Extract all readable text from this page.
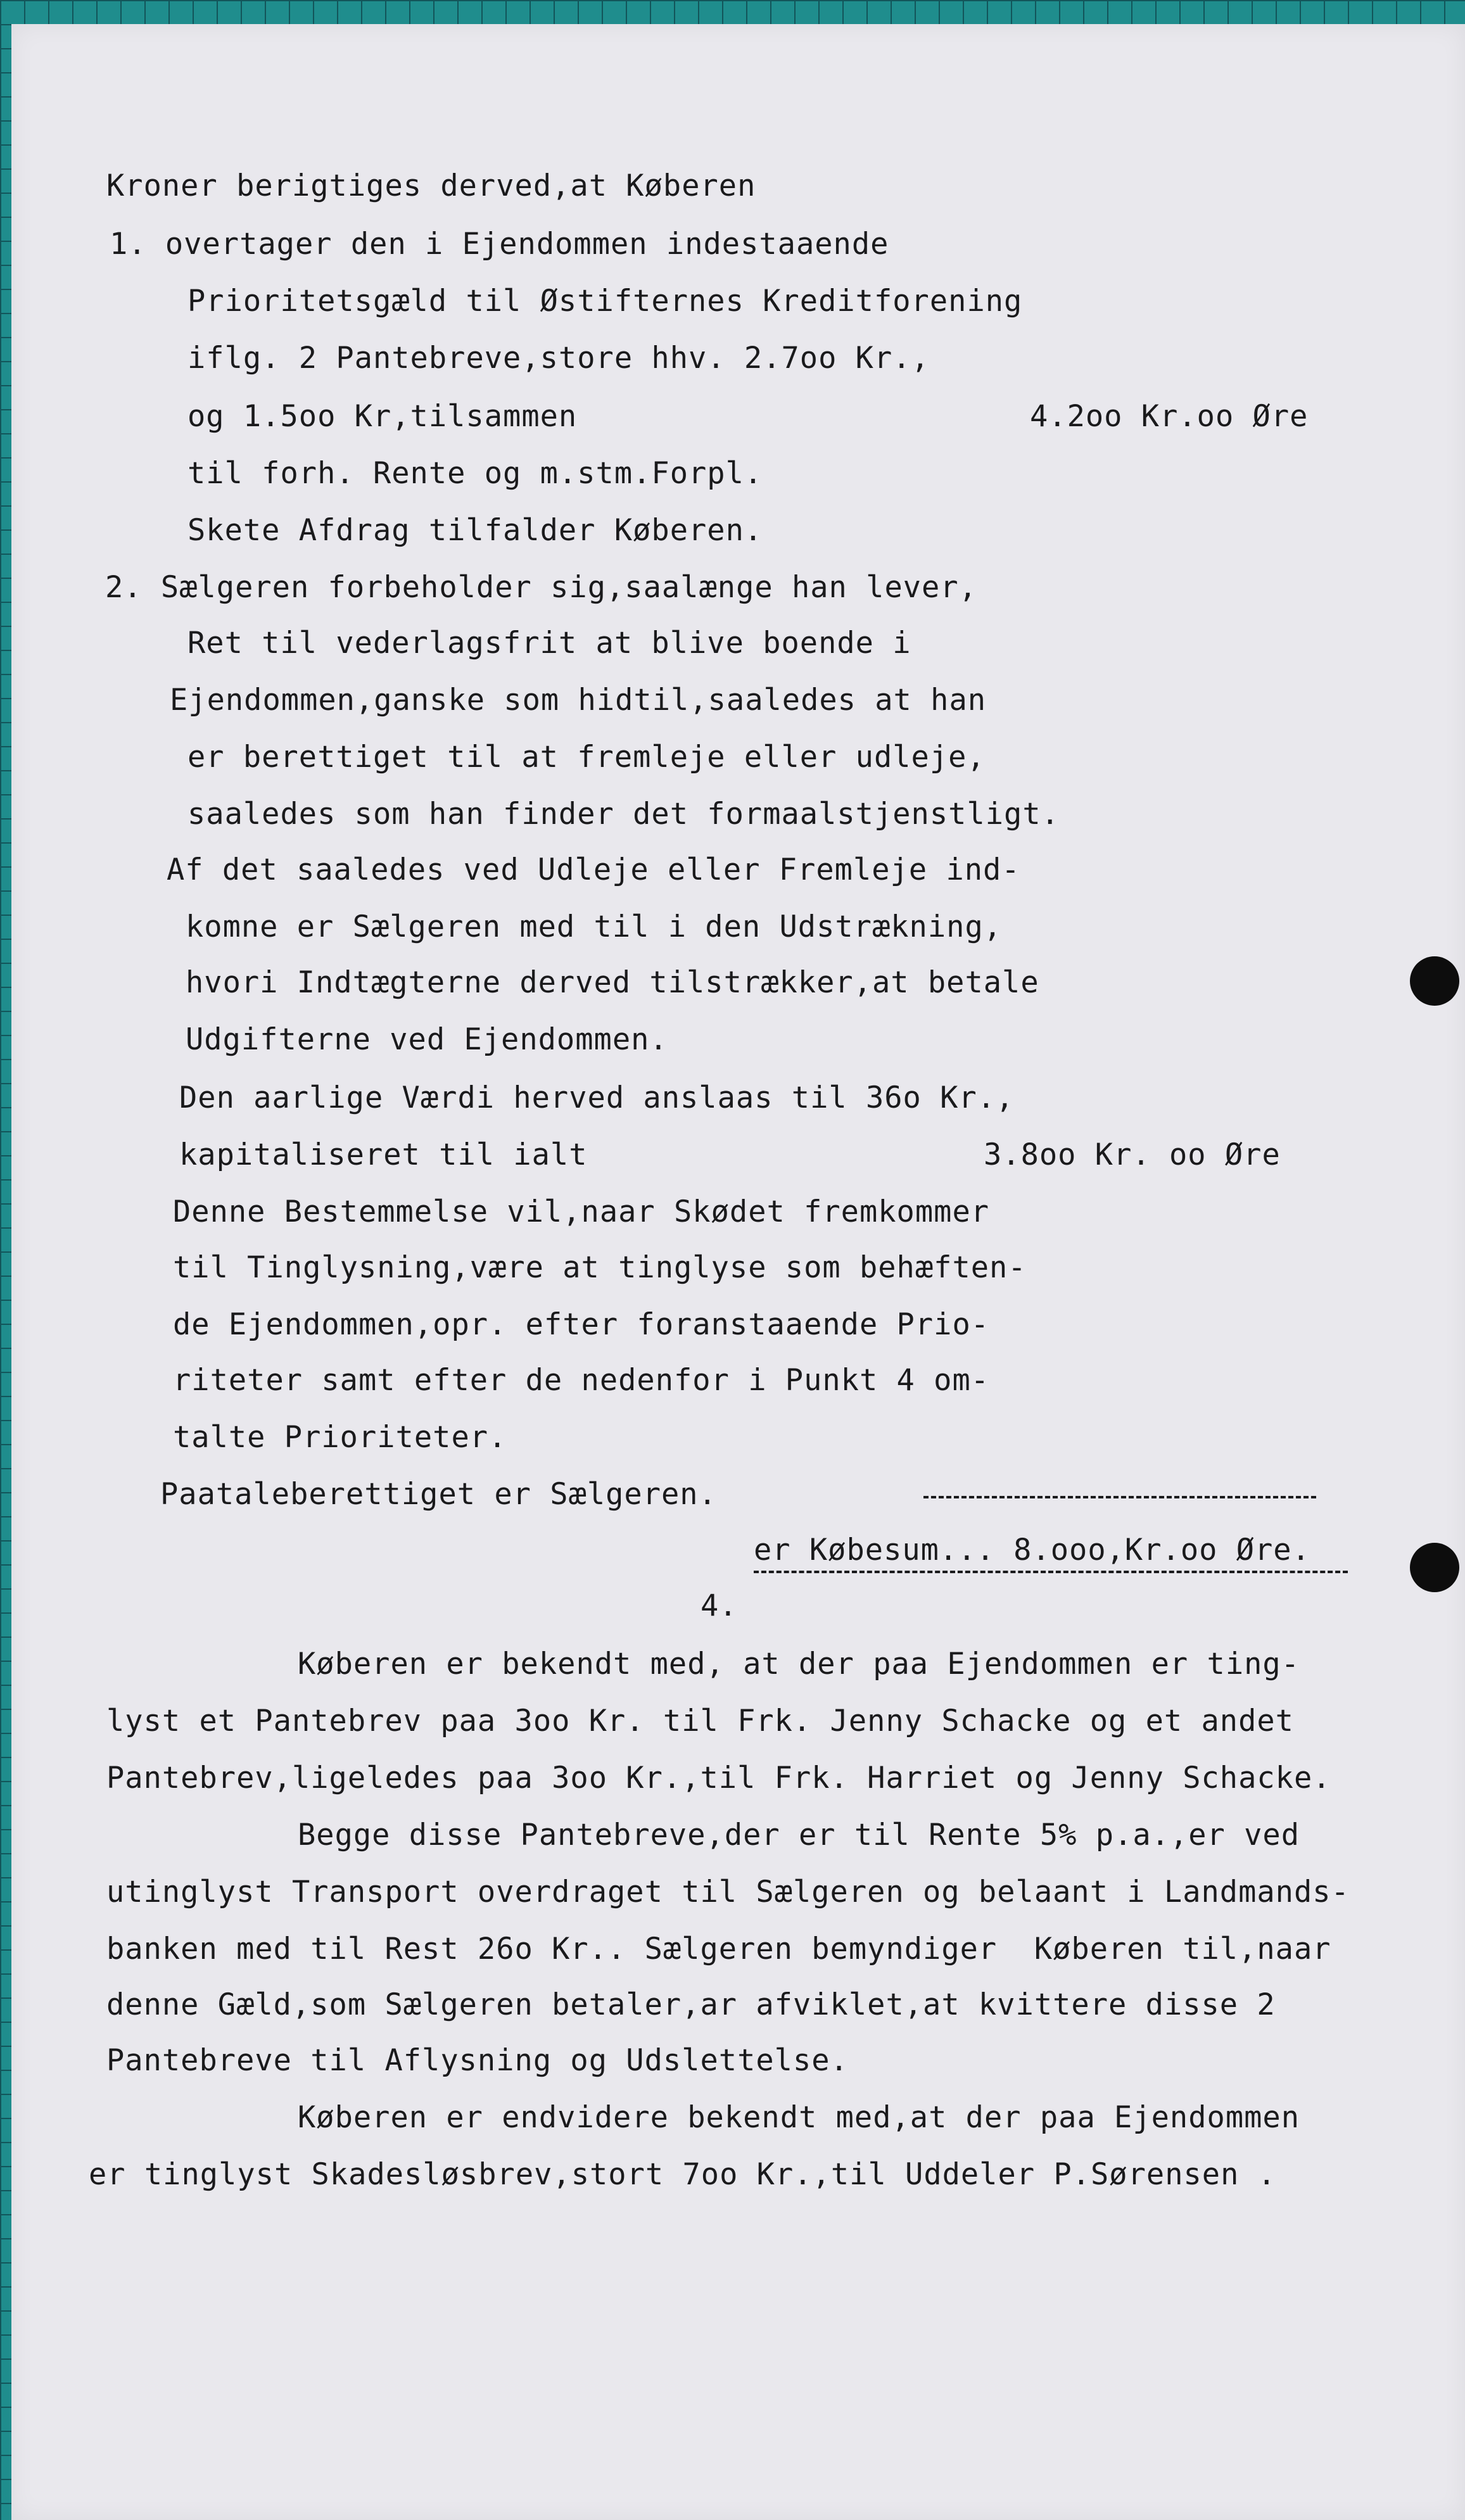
Kroner berigtiges derved,at Køberen
1. overtager den i Ejendommen indestaaende
Prioritetsgæld til Østifternes Kreditforening
iflg. 2 Pantebreve,store hhv. 2.7oo Kr.,
og 1.5oo Kr,tilsammen	4.2oo Kr.oo Øre
til forh. Rente og m.stm.Forpl.
Skete Afdrag tilfalder Køberen.
2. Sælgeren forbeholder sig,saalænge han lever,
Ret til vederlagsfrit at blive boende i
Ejendommen,ganske som hidtil,saaledes at han
er berettiget til at fremleje eller udleje,
saaledes som han finder det formaalstjenstligt.
Af det saaledes ved Udleje eller Fremleje ind-
komne er Sælgeren med til i den Udstrækning,
hvori Indtægterne derved tilstrækker,at betale
Udgifterne ved Ejendommen.
Den aarlige Værdi herved anslaas til 36o Kr.,
kapitaliseret til ialt	3.8oo Kr. oo Øre
Denne Bestemmelse vil,naar Skødet fremkommer
til Tinglysning,være at tinglyse som behæften-
de Ejendommen,opr. efter foranstaaende Prio-
riteter samt efter de nedenfor i Punkt 4 om-
talte Prioriteter.
Paataleberettiget er Sælgeren.
er Købesum... 8.ooo,Kr.oo Øre.
4.
Køberen er bekendt med, at der paa Ejendommen er ting-
lyst et Pantebrev paa 3oo Kr. til Frk. Jenny Schacke og et andet
Pantebrev,ligeledes paa 3oo Kr.,til Frk. Harriet og Jenny Schacke.
Begge disse Pantebreve,der er til Rente 5% p.a.,er ved
utinglyst Transport overdraget til Sælgeren og belaant i Landmands-
banken med til Rest 26o Kr.. Sælgeren bemyndiger  Køberen til,naar
denne Gæld,som Sælgeren betaler,ar afviklet,at kvittere disse 2
Pantebreve til Aflysning og Udslettelse.
Køberen er endvidere bekendt med,at der paa Ejendommen
er tinglyst Skadesløsbrev,stort 7oo Kr.,til Uddeler P.Sørensen .
